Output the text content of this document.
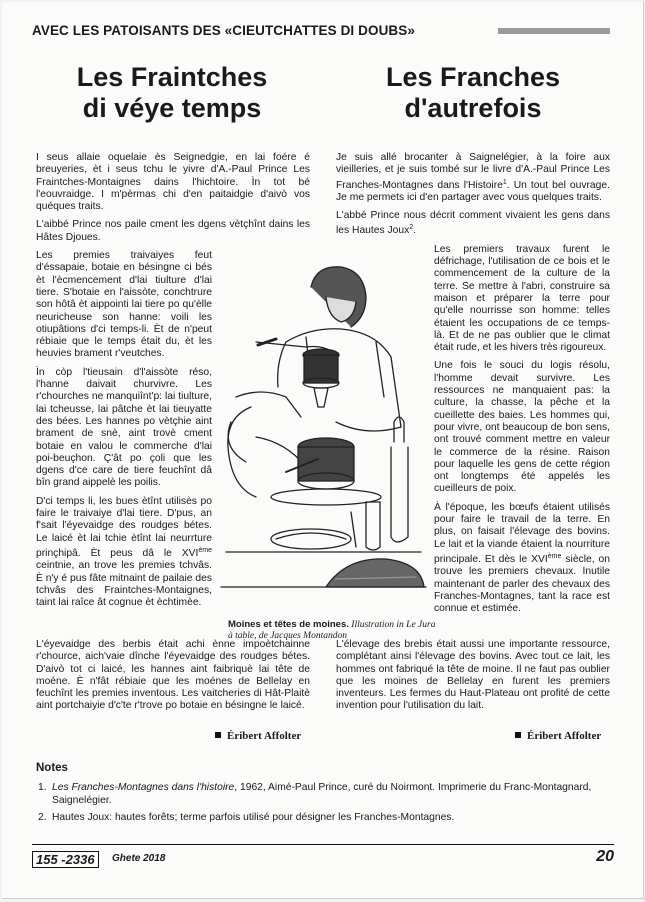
AVEC LES PATOISANTS DES «CIEUTCHATTES DI DOUBS»
Les Fraintches
di véye temps
Les Franches
d'autrefois

I seus allaie oquelaie ès Seignedgie, en lai foére é breuyeries, èt i seus tchu le yivre d'A.-Paul Prince Les Fraintches-Montaignes dains l'hichtoire. Ìn tot bé l'eouvraidge. I m'pèrmas chi d'en paitaidgie d'aivò vos quéques traits.

L'aibbé Prince nos paile cment les dgens vètçhînt dains les Hâtes Djoues.

Les premies traivaiyes feut d'éssapaie, botaie en bésingne ci bés èt l'ècmencement d'lai tiulture d'lai tiere. S'botaie en l'aissòte, conchtrure son hôtâ èt aippointi lai tiere po qu'èlle neuricheuse son hanne: voili les otiupâtions d'ci temps-li. Èt de n'peut rébiaie que le temps était du, èt les heuvies brament r'veutches.

Ìn còp l'tieusain d'l'aissòte réso, l'hanne daivait churvivre. Les r'chourches ne manquiînt'p: lai tiulture, lai tcheusse, lai pâtche èt lai tieuyatte des bées. Les hannes po vètçhie aint brament de snè, aint trovè cment botaie en valou le commerche d'lai poi-beuçhon. Ç'ât po çoli que les dgens d'ce care de tiere feuchînt dâ bîn grand aippelè les poilis.

D'ci temps li, les bues ètînt utilisès po faire le traivaiye d'lai tiere. D'pus, an f'sait l'éyevaidge des roudges bétes. Le laicé èt lai tchie ètînt lai neurrture prinçhipâ. Èt peus dâ le XVIème ceintnie, an trove les premies tchvâs. È n'y é pus fâte mitnaint de pailaie des tchvâs des Fraintches-Montaignes, taint lai raîce ât cognue èt èchtimèe.

L'éyevaidge des berbis était achi ènne impoètchainne r'chource, aich'vaie dînche l'éyevaidge des roudges bétes. D'aivò tot ci laicé, les hannes aint faibriquè lai tête de moéne. È n'fât rébiaie que les moénes de Bellelay en feuchînt les premies inventous. Les vaitcheries di Hât-Plaitè aint portchaiyie d'c'te r'trove po botaie en bésingne le laicé.

Éribert Affolter

Je suis allé brocanter à Saignelégier, à la foire aux vieilleries, et je suis tombé sur le livre d'A.-Paul Prince Les Franches-Montagnes dans l'Histoire$^1$. Un tout bel ouvrage. Je me permets ici d'en partager avec vous quelques traits.

L'abbé Prince nous décrit comment vivaient les gens dans les Hautes Joux$^2$.

Les premiers travaux furent le défrichage, l'utilisation de ce bois et le commencement de la culture de la terre. Se mettre à l'abri, construire sa maison et préparer la terre pour qu'elle nourrisse son homme: telles étaient les occupations de ce temps-là. Et de ne pas oublier que le climat était rude, et les hivers très rigoureux.

Une fois le souci du logis résolu, l'homme devait survivre. Les ressources ne manquaient pas: la culture, la chasse, la pêche et la cueillette des baies. Les hommes qui, pour vivre, ont beaucoup de bon sens, ont trouvé comment mettre en valeur le commerce de la résine. Raison pour laquelle les gens de cette région ont longtemps été appelés les cueilleurs de poix.

À l'époque, les bœufs étaient utilisés pour faire le travail de la terre. En plus, on faisait l'élevage des bovins. Le lait et la viande étaient la nourriture principale. Et dès le XVIème siècle, on trouve les premiers chevaux. Inutile maintenant de parler des chevaux des Franches-Montagnes, tant la race est connue et estimée.

L'élevage des brebis était aussi une importante ressource, complétant ainsi l'élevage des bovins. Avec tout ce lait, les hommes ont fabriqué la tête de moine. Il ne faut pas oublier que les moines de Bellelay en furent les premiers inventeurs. Les fermes du Haut-Plateau ont profité de cette invention pour l'utilisation du lait.

Éribert Affolter
Moines et têtes de moines. Illustration in Le Jura à table, de Jacques Montandon
Notes
1. Les Franches-Montagnes dans l'histoire, 1962, Aimé-Paul Prince, curé du Noirmont. Imprimerie du Franc-Montagnard, Saignelégier.
2. Hautes Joux: hautes forêts; terme parfois utilisé pour désigner les Franches-Montagnes.
155 -2336	Ghete 2018	20
